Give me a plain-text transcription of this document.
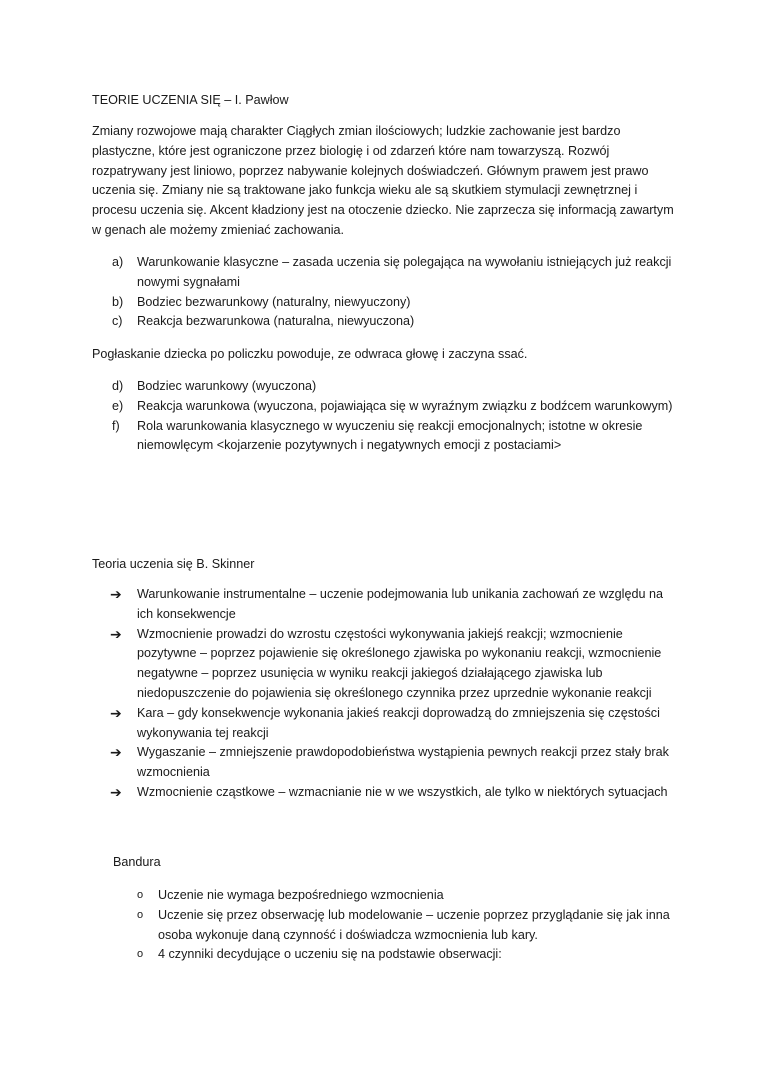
TEORIE UCZENIA SIĘ – I. Pawłow

Zmiany rozwojowe mają charakter Ciągłych zmian ilościowych; ludzkie zachowanie jest bardzo plastyczne, które jest ograniczone przez biologię i od zdarzeń które nam towarzyszą. Rozwój rozpatrywany jest liniowo, poprzez nabywanie kolejnych doświadczeń. Głównym prawem jest prawo uczenia się. Zmiany nie są traktowane jako funkcja wieku ale są skutkiem stymulacji zewnętrznej i procesu uczenia się. Akcent kładziony jest na otoczenie dziecko. Nie zaprzecza się informacją zawartym w genach ale możemy zmieniać zachowania.

a) Warunkowanie klasyczne – zasada uczenia się polegająca na wywołaniu istniejących już reakcji nowymi sygnałami
b) Bodziec bezwarunkowy (naturalny, niewyuczony)
c) Reakcja bezwarunkowa (naturalna, niewyuczona)

Pogłaskanie dziecka po policzku powoduje, ze odwraca głowę i zaczyna ssać.

d) Bodziec warunkowy (wyuczona)
e) Reakcja warunkowa (wyuczona, pojawiająca się w wyraźnym związku z bodźcem warunkowym)
f) Rola warunkowania klasycznego w wyuczeniu się reakcji emocjonalnych; istotne w okresie niemowlęcym <kojarzenie pozytywnych i negatywnych emocji z postaciami>

Teoria uczenia się B. Skinner

➔ Warunkowanie instrumentalne – uczenie podejmowania lub unikania zachowań ze względu na ich konsekwencje
➔ Wzmocnienie prowadzi do wzrostu częstości wykonywania jakiejś reakcji; wzmocnienie pozytywne – poprzez pojawienie się określonego zjawiska po wykonaniu reakcji, wzmocnienie negatywne – poprzez usunięcia w wyniku reakcji jakiegoś działającego zjawiska lub niedopuszczenie do pojawienia się określonego czynnika przez uprzednie wykonanie reakcji
➔ Kara – gdy konsekwencje wykonania jakieś reakcji doprowadzą do zmniejszenia się częstości wykonywania tej reakcji
➔ Wygaszanie – zmniejszenie prawdopodobieństwa wystąpienia pewnych reakcji przez stały brak wzmocnienia
➔ Wzmocnienie cząstkowe – wzmacnianie nie w we wszystkich, ale tylko w niektórych sytuacjach

Bandura

o Uczenie nie wymaga bezpośredniego wzmocnienia
o Uczenie się przez obserwację lub modelowanie – uczenie poprzez przyglądanie się jak inna osoba wykonuje daną czynność i doświadcza wzmocnienia lub kary.
o 4 czynniki decydujące o uczeniu się na podstawie obserwacji:
